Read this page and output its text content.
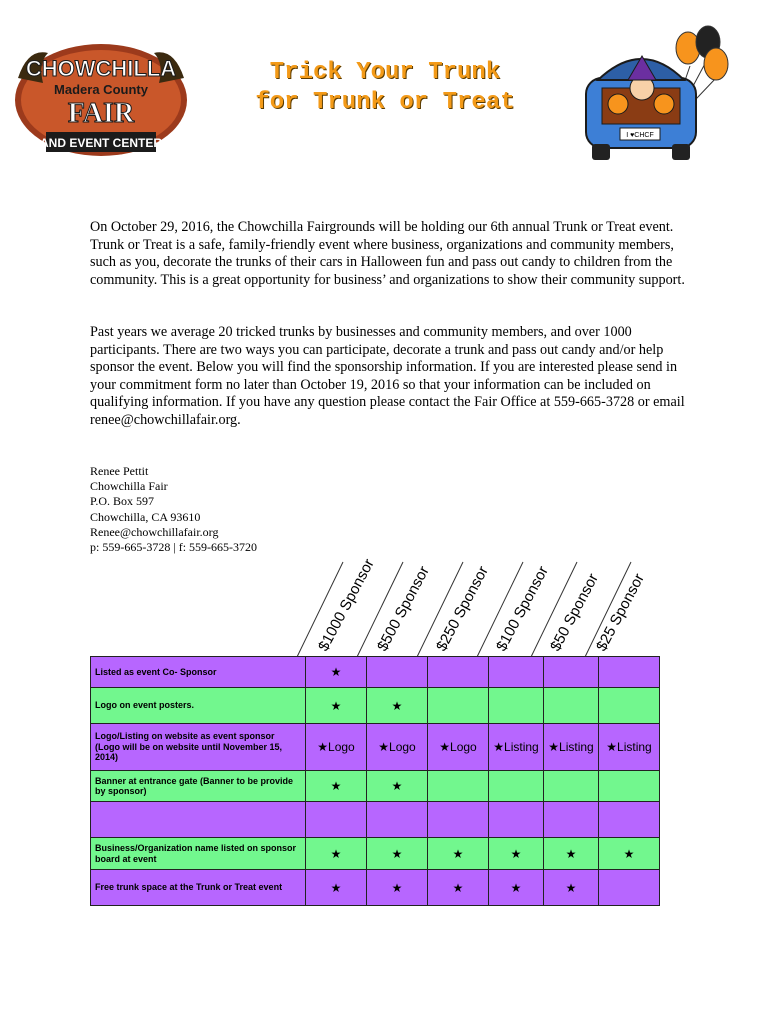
CHOWCHILLA
Madera County
FAIR
AND EVENT CENTER
Trick Your Trunk
for Trunk or Treat
I ♥CHCF

On October 29, 2016, the Chowchilla Fairgrounds will be holding our 6th annual Trunk or Treat event. Trunk or Treat is a safe, family-friendly event where business, organizations and community members, such as you, decorate the trunks of their cars in Halloween fun and pass out candy to children from the community. This is a great opportunity for business’ and organizations to show their community support.

Past years we average 20 tricked trunks by businesses and community members, and over 1000 participants. There are two ways you can participate, decorate a trunk and pass out candy and/or help sponsor the event. Below you will find the sponsorship information. If you are interested please send in your commitment form no later than October 19, 2016 so that your information can be included on qualifying information. If you have any question please contact the Fair Office at 559-665-3728 or email renee@chowchillafair.org.

Renee Pettit
Chowchilla Fair
P.O. Box 597
Chowchilla, CA 93610
Renee@chowchillafair.org
p: 559-665-3728 | f: 559-665-3720
$1000 Sponsor
$500 Sponsor $250 Sponsor $100 Sponsor
$50 Sponsor
$25 Sponsor
Listed as event Co- Sponsor	★					
Logo on event posters.	★	★				
Logo/Listing on website as event sponsor (Logo will be on website until November 15, 2014)	★Logo	★Logo	★Logo	★Listing	★Listing	★Listing
Banner at entrance gate (Banner to be provide by sponsor)	★	★				

Business/Organization name listed on sponsor board at event	★	★	★	★	★	★
Free trunk space at the Trunk or Treat event	★	★	★	★	★	
